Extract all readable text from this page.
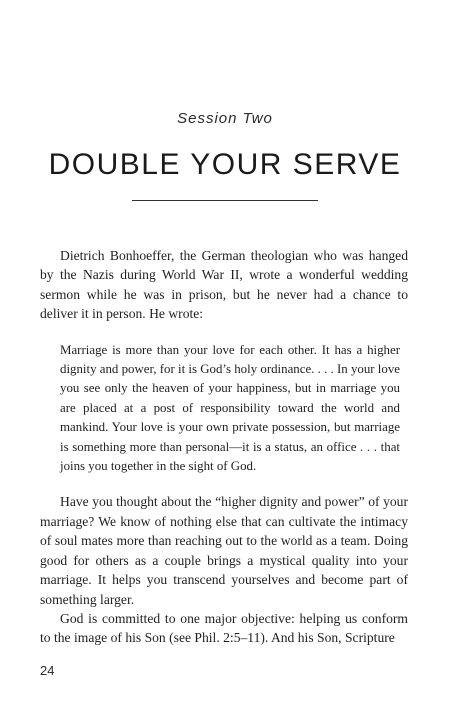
Session Two
DOUBLE YOUR SERVE

Dietrich Bonhoeffer, the German theologian who was hanged by the Nazis during World War II, wrote a wonderful wedding sermon while he was in prison, but he never had a chance to deliver it in person. He wrote:

Marriage is more than your love for each other. It has a higher dignity and power, for it is God’s holy ordinance. . . . In your love you see only the heaven of your happiness, but in marriage you are placed at a post of responsibility toward the world and mankind. Your love is your own private possession, but marriage is something more than personal—it is a status, an office . . . that joins you together in the sight of God.

Have you thought about the “higher dignity and power” of your marriage? We know of nothing else that can cultivate the intimacy of soul mates more than reaching out to the world as a team. Doing good for others as a couple brings a mystical quality into your marriage. It helps you transcend yourselves and become part of something larger.

God is committed to one major objective: helping us conform to the image of his Son (see Phil. 2:5–11). And his Son, Scripture

24
